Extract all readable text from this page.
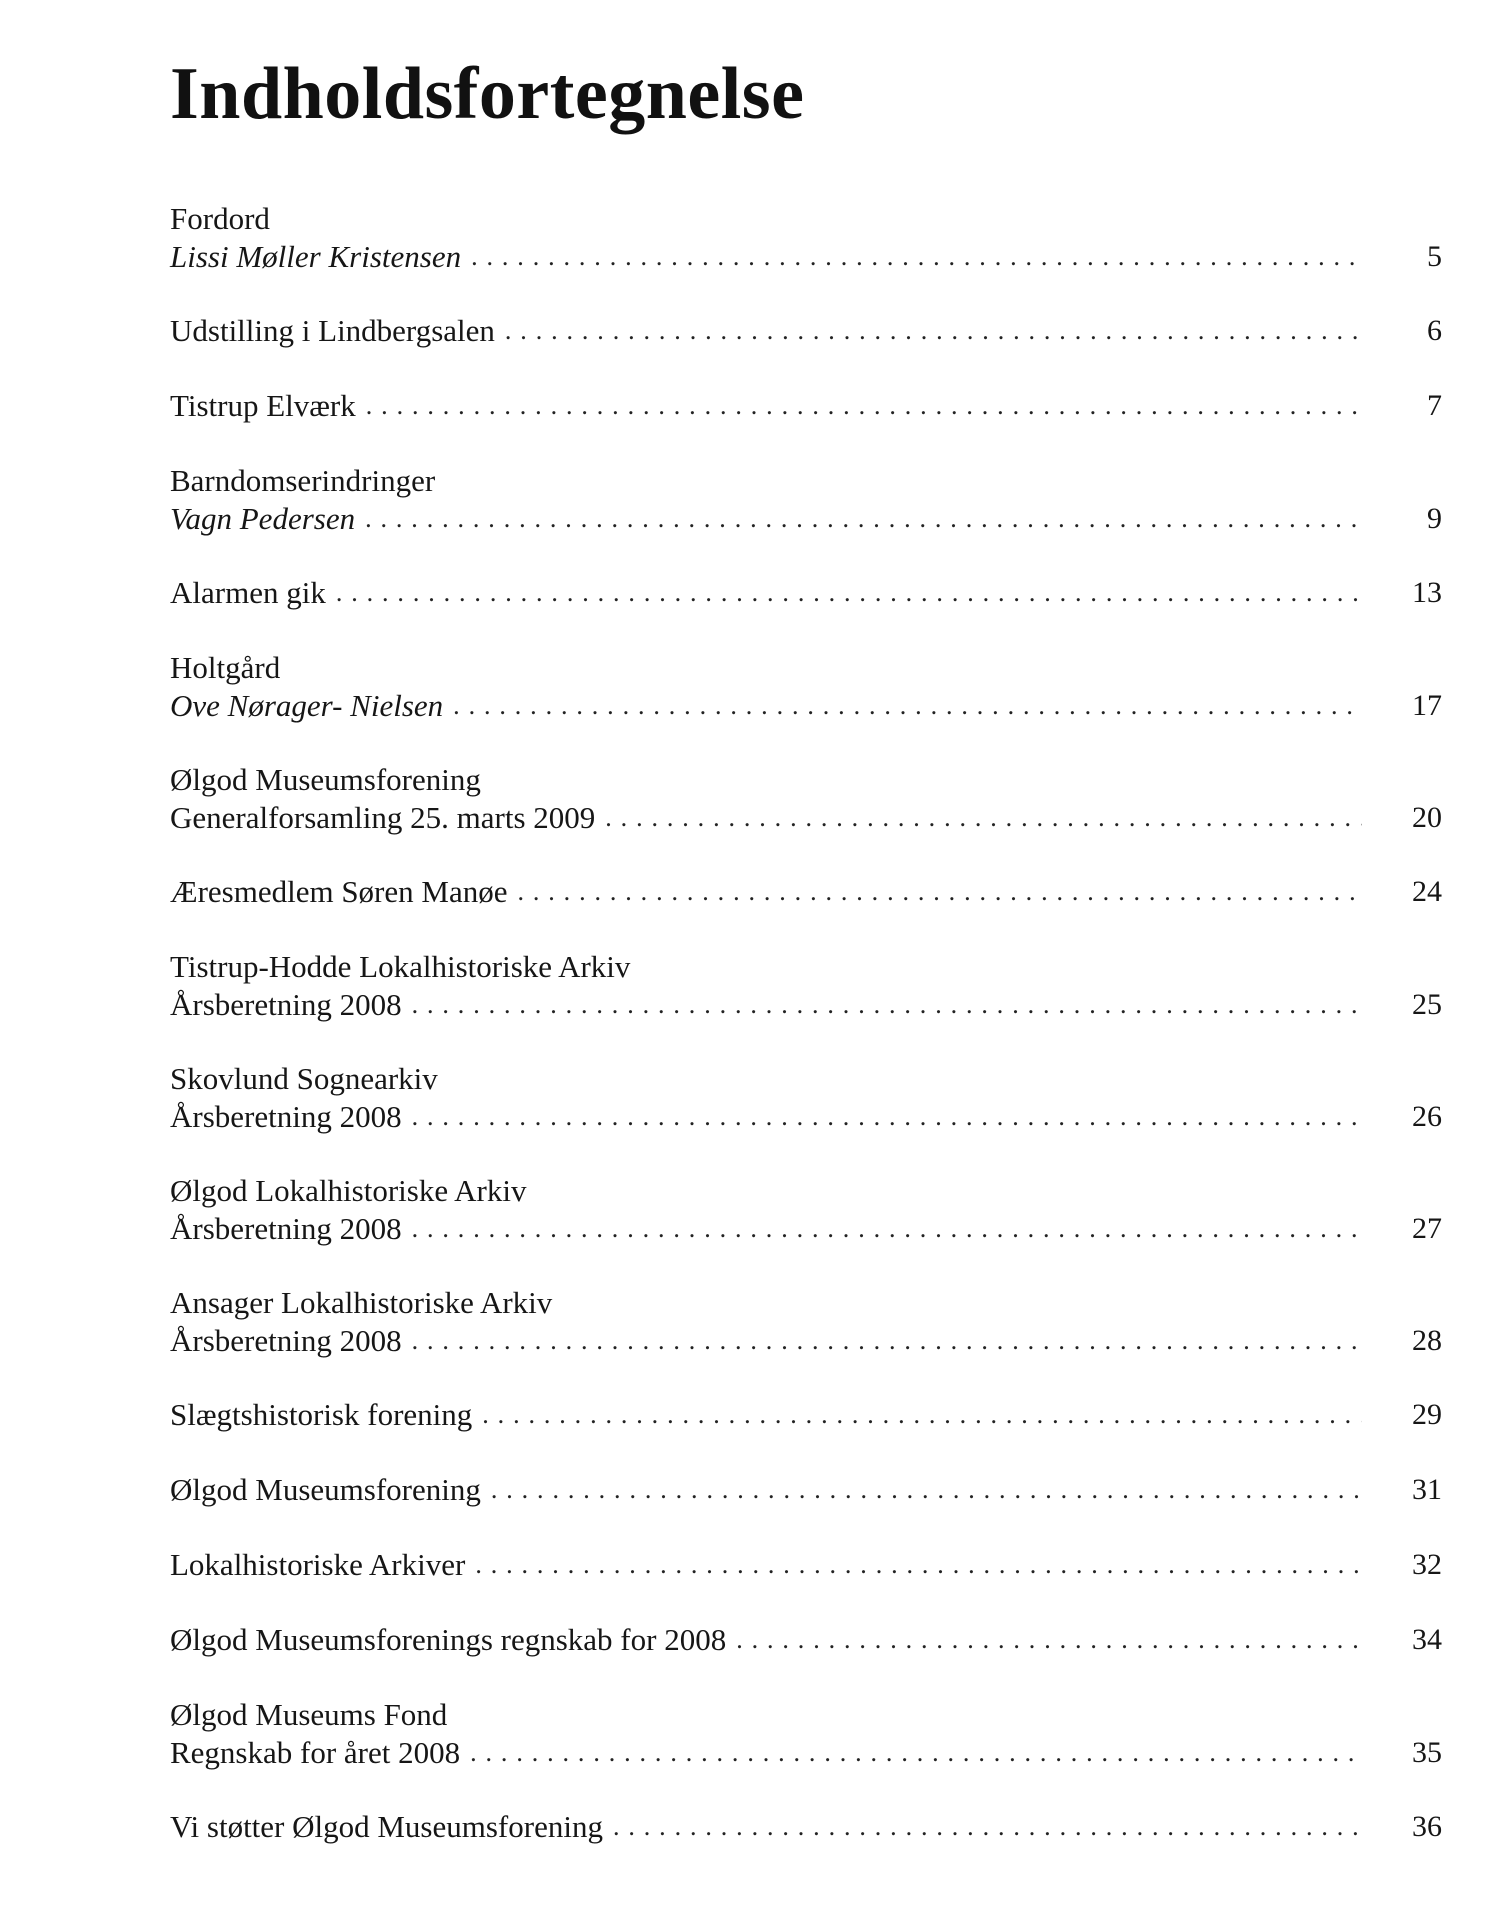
Indholdsfortegnelse
Fordord
Lissi Møller Kristensen . . .	5
Udstilling i Lindbergsalen . . .	6
Tistrup Elværk . . .	7
Barndomserindringer
Vagn Pedersen . . .	9
Alarmen gik . . .	13
Holtgård
Ove Nørager- Nielsen . . .	17
Ølgod Museumsforening
Generalforsamling 25. marts 2009 . . .	20
Æresmedlem Søren Manøe . . .	24
Tistrup-Hodde Lokalhistoriske Arkiv
Årsberetning 2008 . . .	25
Skovlund Sognearkiv
Årsberetning 2008 . . .	26
Ølgod Lokalhistoriske Arkiv
Årsberetning 2008 . . .	27
Ansager Lokalhistoriske Arkiv
Årsberetning 2008 . . .	28
Slægtshistorisk forening . . .	29
Ølgod Museumsforening . . .	31
Lokalhistoriske Arkiver . . .	32
Ølgod Museumsforenings regnskab for 2008 . . .	34
Ølgod Museums Fond
Regnskab for året 2008 . . .	35
Vi støtter Ølgod Museumsforening . . .	36
